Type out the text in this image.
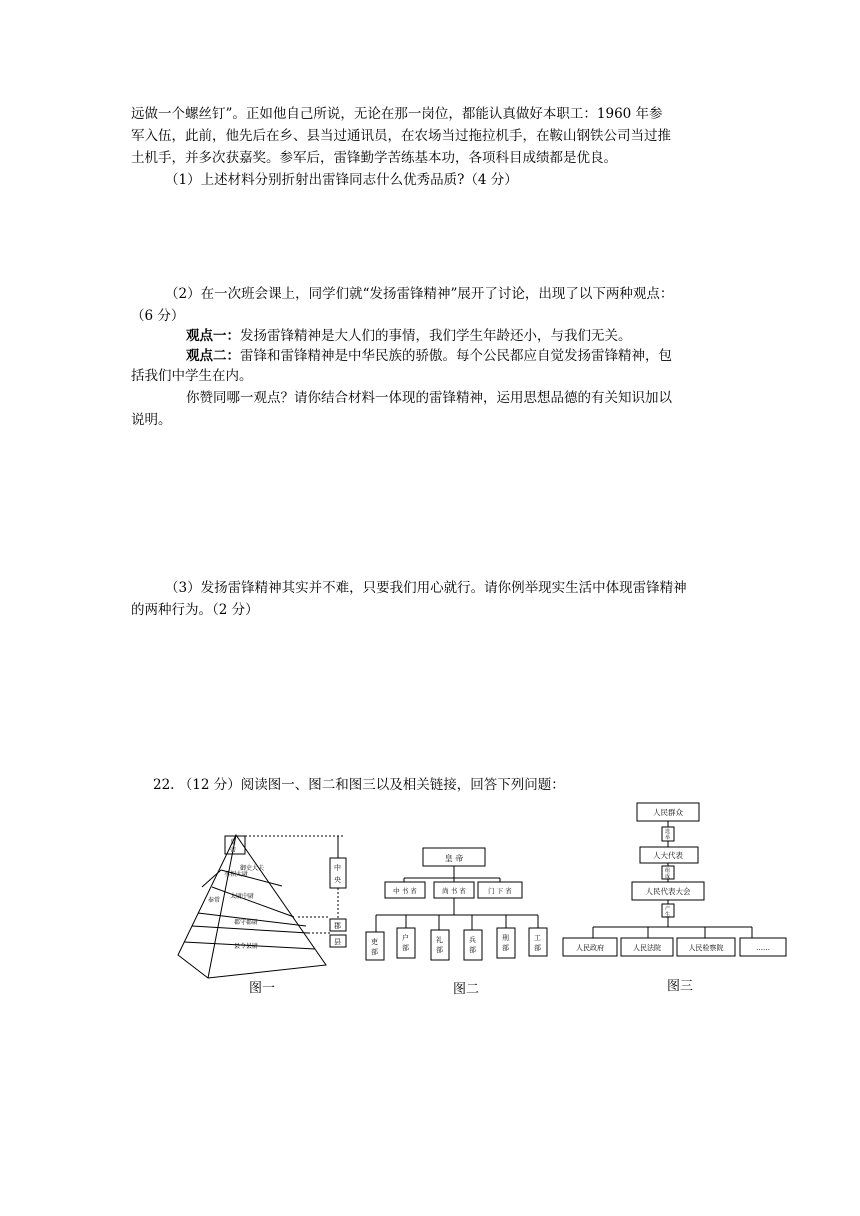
远做一个螺丝钉”。正如他自己所说，无论在那一岗位，都能认真做好本职工：1960 年参
军入伍，此前，他先后在乡、县当过通讯员，在农场当过拖拉机手，在鞍山钢铁公司当过推
土机手，并多次获嘉奖。参军后，雷锋勤学苦练基本功，各项科目成绩都是优良。
（1）上述材料分别折射出雷锋同志什么优秀品质?（4 分）
（2）在一次班会课上，同学们就“发扬雷锋精神”展开了讨论，出现了以下两种观点：
（6 分）
观点一：发扬雷锋精神是大人们的事情，我们学生年龄还小，与我们无关。
观点二：雷锋和雷锋精神是中华民族的骄傲。每个公民都应自觉发扬雷锋精神，包
括我们中学生在内。
你赞同哪一观点？请你结合材料一体现的雷锋精神，运用思想品德的有关知识加以
说明。
（3）发扬雷锋精神其实并不难，只要我们用心就行。请你例举现实生活中体现雷锋精神
的两种行为。（2 分）
22. （12 分）阅读图一、图二和图三以及相关链接，回答下列问题：
皇
帝
御史大夫
丞相太尉
太尉中尉
奉常
郡守郡尉
县令县尉
中
央
郡
县
图一
皇 帝
中 书 省	尚 书 省	门 下 省
吏
部
户
部
礼
部
兵
部
刑
部
工
部
图二
人民群众
人大代表
人民代表大会
选
举
组
成
产
生
人民政府	人民法院	人民检察院	……
图三
